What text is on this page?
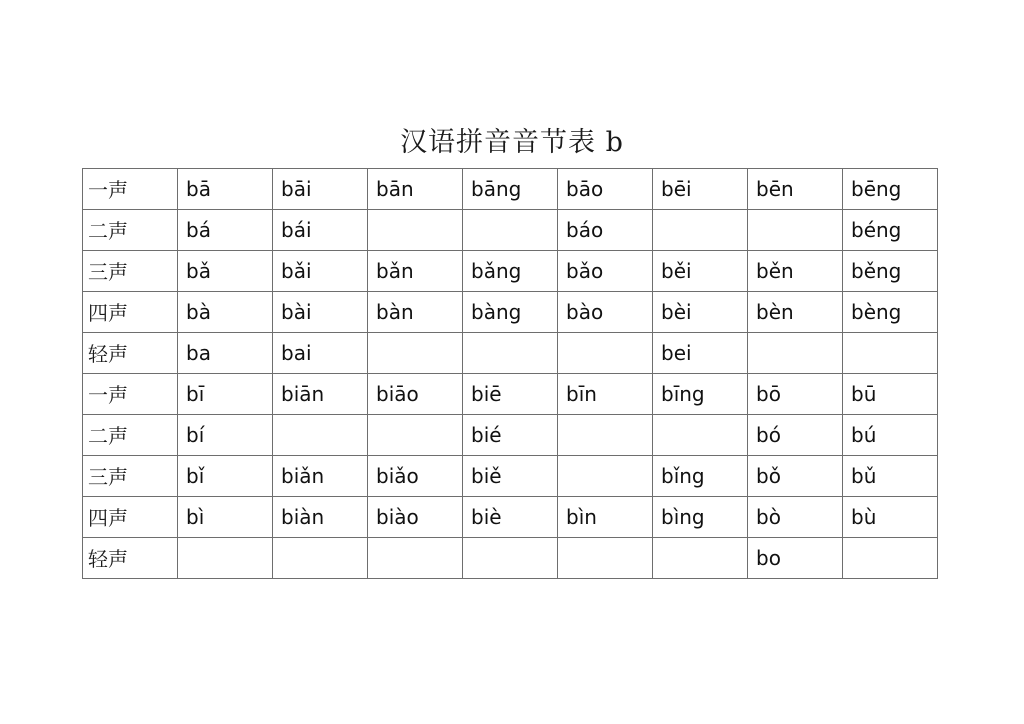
汉语拼音音节表 b
一声	bā	bāi	bān	bāng	bāo	bēi	bēn	bēng
二声	bá	bái			báo			béng
三声	bǎ	bǎi	bǎn	bǎng	bǎo	běi	běn	běng
四声	bà	bài	bàn	bàng	bào	bèi	bèn	bèng
轻声	ba	bai				bei		
一声	bī	biān	biāo	biē	bīn	bīng	bō	bū
二声	bí			bié			bó	bú
三声	bǐ	biǎn	biǎo	biě		bǐng	bǒ	bǔ
四声	bì	biàn	biào	biè	bìn	bìng	bò	bù
轻声							bo	
